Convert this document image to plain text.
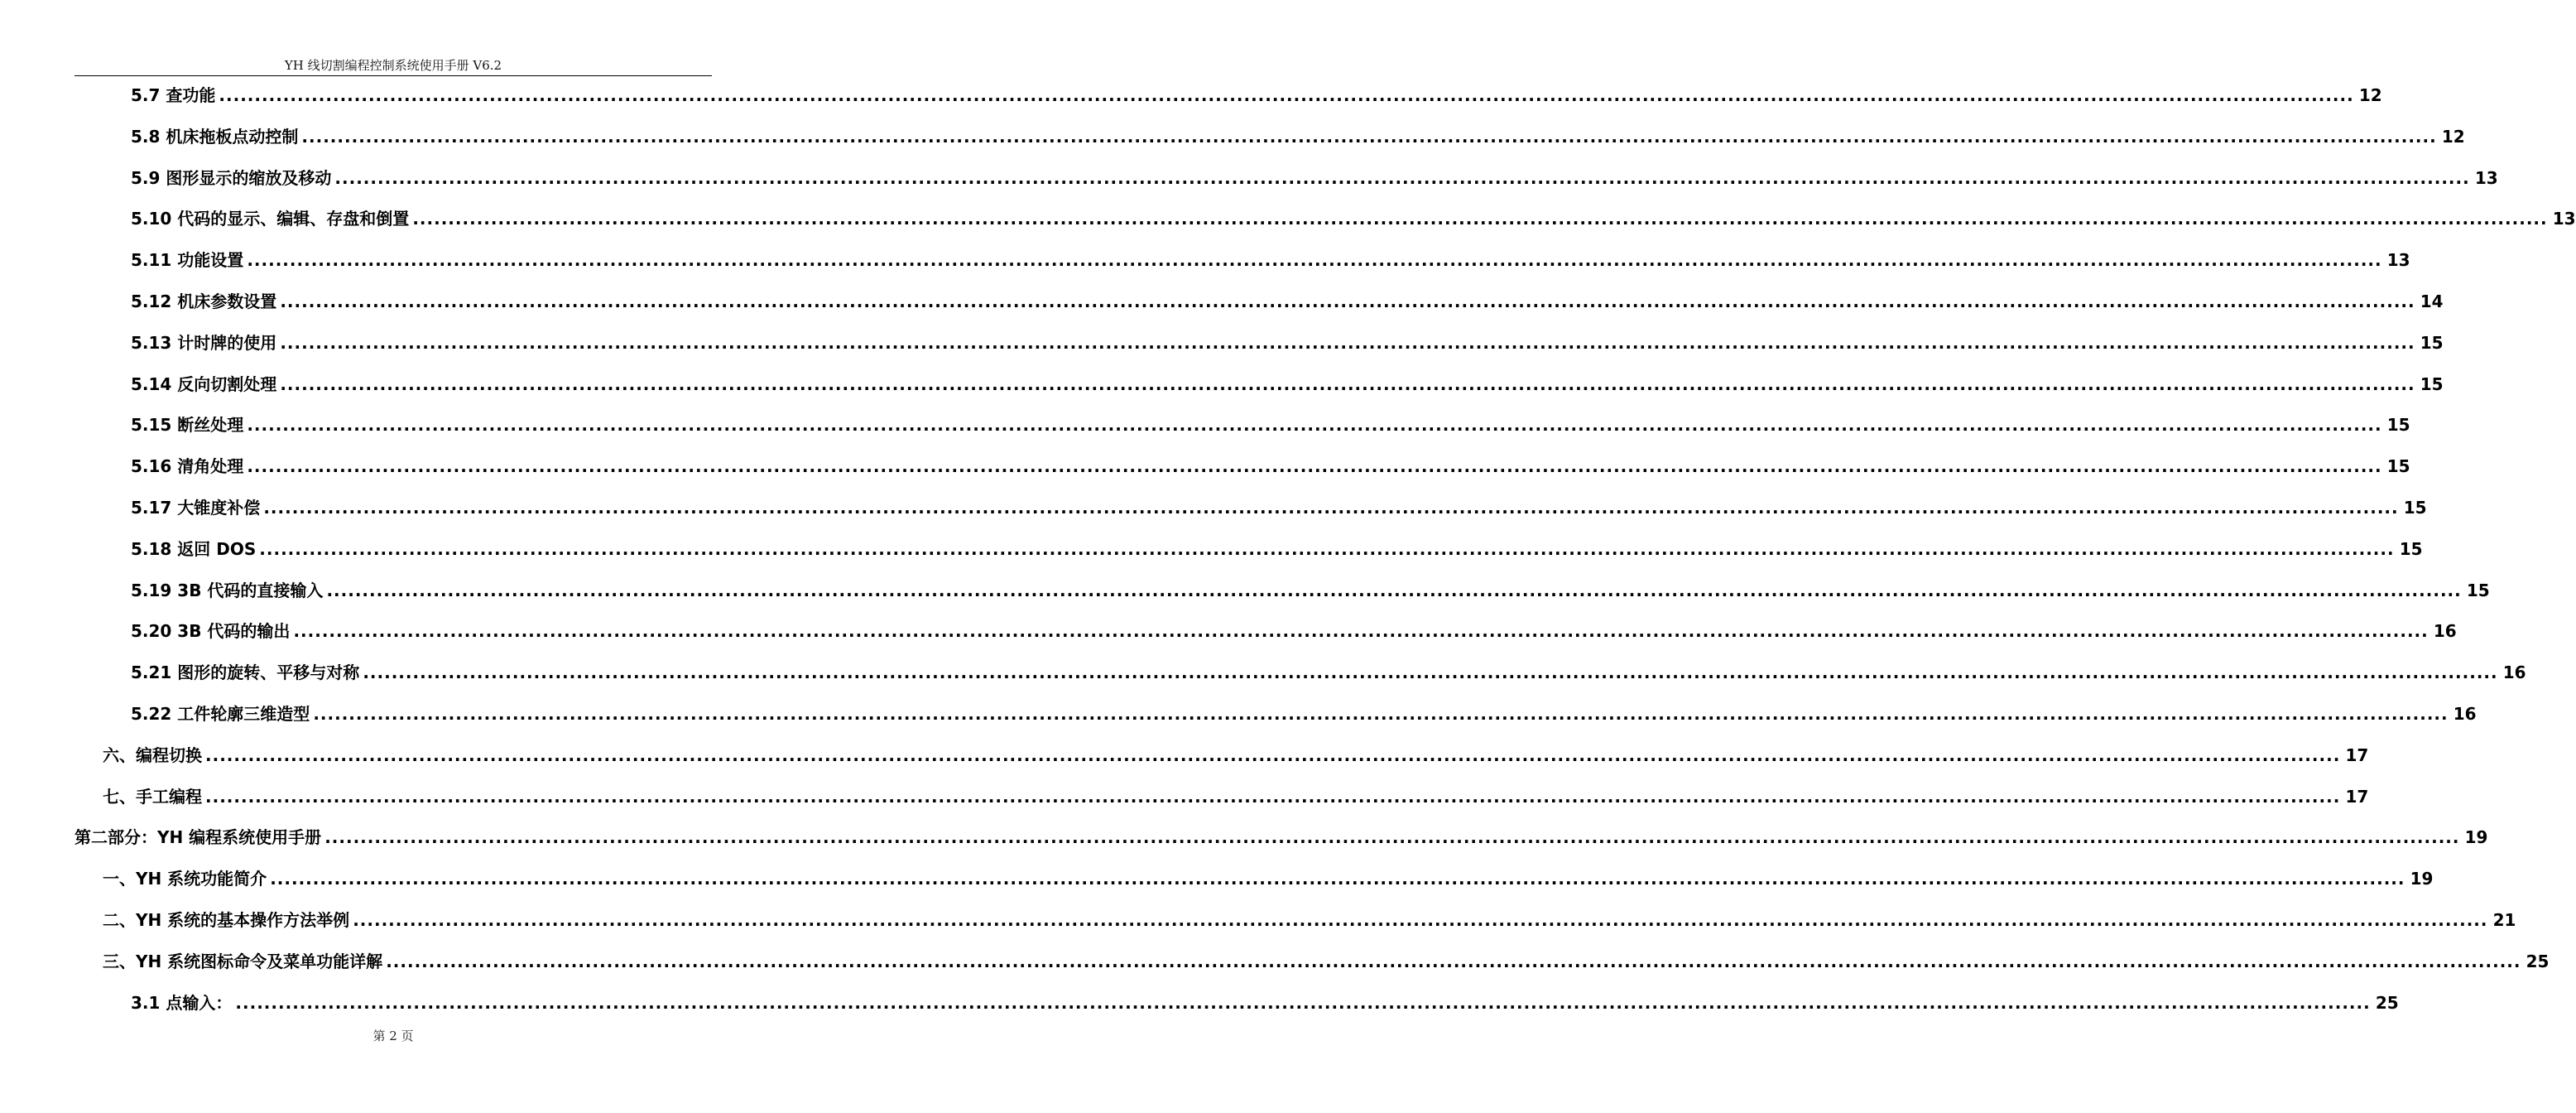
YH 线切割编程控制系统使用手册 V6.2
5.7 查功能 ............................................................................................................................................................................................................................................................................................................ 12
5.8 机床拖板点动控制 ............................................................................................................................................................................................................................................................................................................ 12
5.9 图形显示的缩放及移动 ............................................................................................................................................................................................................................................................................................................ 13
5.10 代码的显示、编辑、存盘和倒置 ............................................................................................................................................................................................................................................................................................................ 13
5.11 功能设置 ............................................................................................................................................................................................................................................................................................................ 13
5.12 机床参数设置 ............................................................................................................................................................................................................................................................................................................ 14
5.13 计时牌的使用 ............................................................................................................................................................................................................................................................................................................ 15
5.14 反向切割处理 ............................................................................................................................................................................................................................................................................................................ 15
5.15 断丝处理 ............................................................................................................................................................................................................................................................................................................ 15
5.16 清角处理 ............................................................................................................................................................................................................................................................................................................ 15
5.17 大锥度补偿 ............................................................................................................................................................................................................................................................................................................ 15
5.18 返回 DOS ............................................................................................................................................................................................................................................................................................................ 15
5.19 3B 代码的直接输入 ............................................................................................................................................................................................................................................................................................................ 15
5.20 3B 代码的输出 ............................................................................................................................................................................................................................................................................................................ 16
5.21 图形的旋转、平移与对称 ............................................................................................................................................................................................................................................................................................................ 16
5.22 工件轮廓三维造型 ............................................................................................................................................................................................................................................................................................................ 16
六、编程切换 ............................................................................................................................................................................................................................................................................................................ 17
七、手工编程 ............................................................................................................................................................................................................................................................................................................ 17
第二部分：YH 编程系统使用手册 ............................................................................................................................................................................................................................................................................................................ 19
一、YH 系统功能简介 ............................................................................................................................................................................................................................................................................................................ 19
二、YH 系统的基本操作方法举例 ............................................................................................................................................................................................................................................................................................................ 21
三、YH 系统图标命令及菜单功能详解 ............................................................................................................................................................................................................................................................................................................ 25
3.1 点输入： ............................................................................................................................................................................................................................................................................................................ 25
第 2 页
